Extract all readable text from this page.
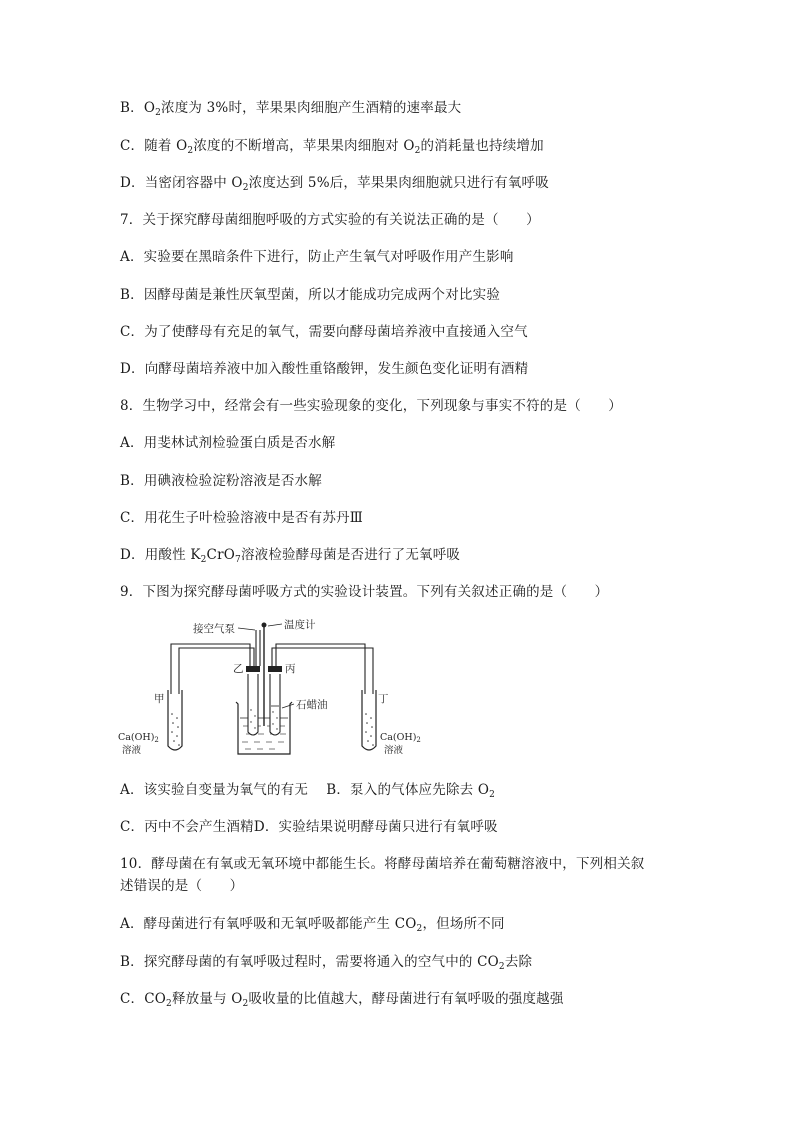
B．$O_2$浓度为 3%时，苹果果肉细胞产生酒精的速率最大
C．随着 $O_2$浓度的不断增高，苹果果肉细胞对 $O_2$的消耗量也持续增加
D．当密闭容器中 $O_2$浓度达到 5%后，苹果果肉细胞就只进行有氧呼吸
7．关于探究酵母菌细胞呼吸的方式实验的有关说法正确的是（　　）
A．实验要在黑暗条件下进行，防止产生氧气对呼吸作用产生影响
B．因酵母菌是兼性厌氧型菌，所以才能成功完成两个对比实验
C．为了使酵母有充足的氧气，需要向酵母菌培养液中直接通入空气
D．向酵母菌培养液中加入酸性重铬酸钾，发生颜色变化证明有酒精
8．生物学习中，经常会有一些实验现象的变化，下列现象与事实不符的是（　　）
A．用斐林试剂检验蛋白质是否水解
B．用碘液检验淀粉溶液是否水解
C．用花生子叶检验溶液中是否有苏丹Ⅲ
D．用酸性 $K_2CrO_7$溶液检验酵母菌是否进行了无氧呼吸
9．下图为探究酵母菌呼吸方式的实验设计装置。下列有关叙述正确的是（　　）
接空气泵	温度计
乙	丙
甲	丁
石蜡油
$Ca(OH)_2$
溶液
$Ca(OH)_2$
溶液
A．该实验自变量为氧气的有无　 B．泵入的气体应先除去 $O_2$
C．丙中不会产生酒精D．实验结果说明酵母菌只进行有氧呼吸
10．酵母菌在有氧或无氧环境中都能生长。将酵母菌培养在葡萄糖溶液中，下列相关叙
述错误的是（　　）
A．酵母菌进行有氧呼吸和无氧呼吸都能产生 $CO_2$，但场所不同
B．探究酵母菌的有氧呼吸过程时，需要将通入的空气中的 $CO_2$去除
C．$CO_2$释放量与 $O_2$吸收量的比值越大，酵母菌进行有氧呼吸的强度越强
